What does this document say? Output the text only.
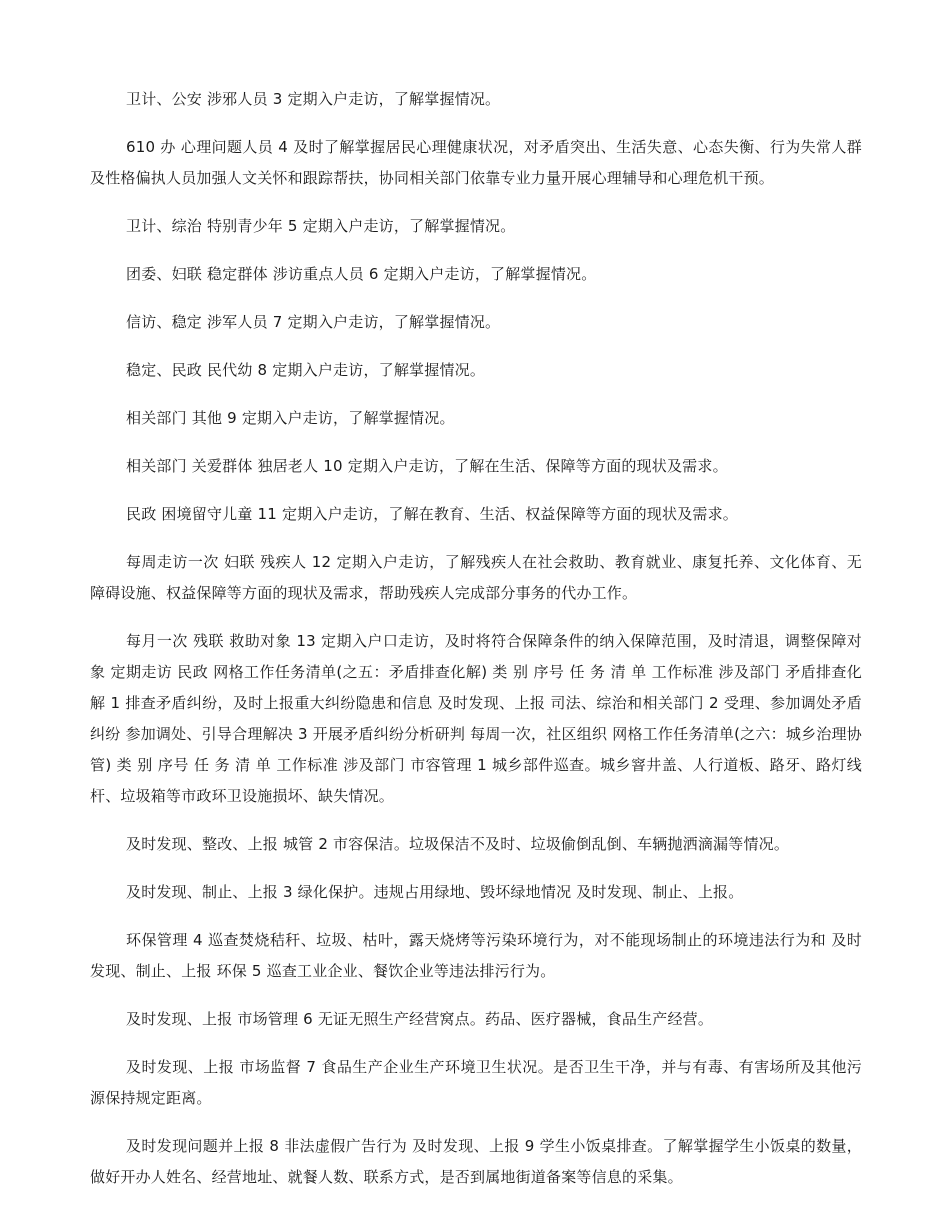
卫计、公安 涉邪人员 3 定期入户走访，了解掌握情况。

610 办 心理问题人员 4 及时了解掌握居民心理健康状况，对矛盾突出、生活失意、心态失衡、行为失常人群及性格偏执人员加强人文关怀和跟踪帮扶，协同相关部门依靠专业力量开展心理辅导和心理危机干预。

卫计、综治 特别青少年 5 定期入户走访，了解掌握情况。

团委、妇联 稳定群体 涉访重点人员 6 定期入户走访，了解掌握情况。

信访、稳定 涉军人员 7 定期入户走访，了解掌握情况。

稳定、民政 民代幼 8 定期入户走访，了解掌握情况。

相关部门 其他 9 定期入户走访，了解掌握情况。

相关部门 关爱群体 独居老人 10 定期入户走访，了解在生活、保障等方面的现状及需求。

民政 困境留守儿童 11 定期入户走访，了解在教育、生活、权益保障等方面的现状及需求。

每周走访一次 妇联 残疾人 12 定期入户走访，了解残疾人在社会救助、教育就业、康复托养、文化体育、无障碍设施、权益保障等方面的现状及需求，帮助残疾人完成部分事务的代办工作。

每月一次 残联 救助对象 13 定期入户口走访，及时将符合保障条件的纳入保障范围，及时清退，调整保障对象 定期走访 民政 网格工作任务清单(之五：矛盾排查化解) 类 别 序号 任 务 清 单 工作标准 涉及部门 矛盾排查化解 1 排查矛盾纠纷，及时上报重大纠纷隐患和信息 及时发现、上报 司法、综治和相关部门 2 受理、参加调处矛盾纠纷 参加调处、引导合理解决 3 开展矛盾纠纷分析研判 每周一次，社区组织 网格工作任务清单(之六：城乡治理协管) 类 别 序号 任 务 清 单 工作标准 涉及部门 市容管理 1 城乡部件巡查。城乡窨井盖、人行道板、路牙、路灯线杆、垃圾箱等市政环卫设施损坏、缺失情况。

及时发现、整改、上报 城管 2 市容保洁。垃圾保洁不及时、垃圾偷倒乱倒、车辆抛洒滴漏等情况。

及时发现、制止、上报 3 绿化保护。违规占用绿地、毁坏绿地情况 及时发现、制止、上报。

环保管理 4 巡查焚烧秸秆、垃圾、枯叶，露天烧烤等污染环境行为，对不能现场制止的环境违法行为和 及时发现、制止、上报 环保 5 巡查工业企业、餐饮企业等违法排污行为。

及时发现、上报 市场管理 6 无证无照生产经营窝点。药品、医疗器械，食品生产经营。

及时发现、上报 市场监督 7 食品生产企业生产环境卫生状况。是否卫生干净，并与有毒、有害场所及其他污源保持规定距离。

及时发现问题并上报 8 非法虚假广告行为 及时发现、上报 9 学生小饭桌排查。了解掌握学生小饭桌的数量，做好开办人姓名、经营地址、就餐人数、联系方式，是否到属地街道备案等信息的采集。
